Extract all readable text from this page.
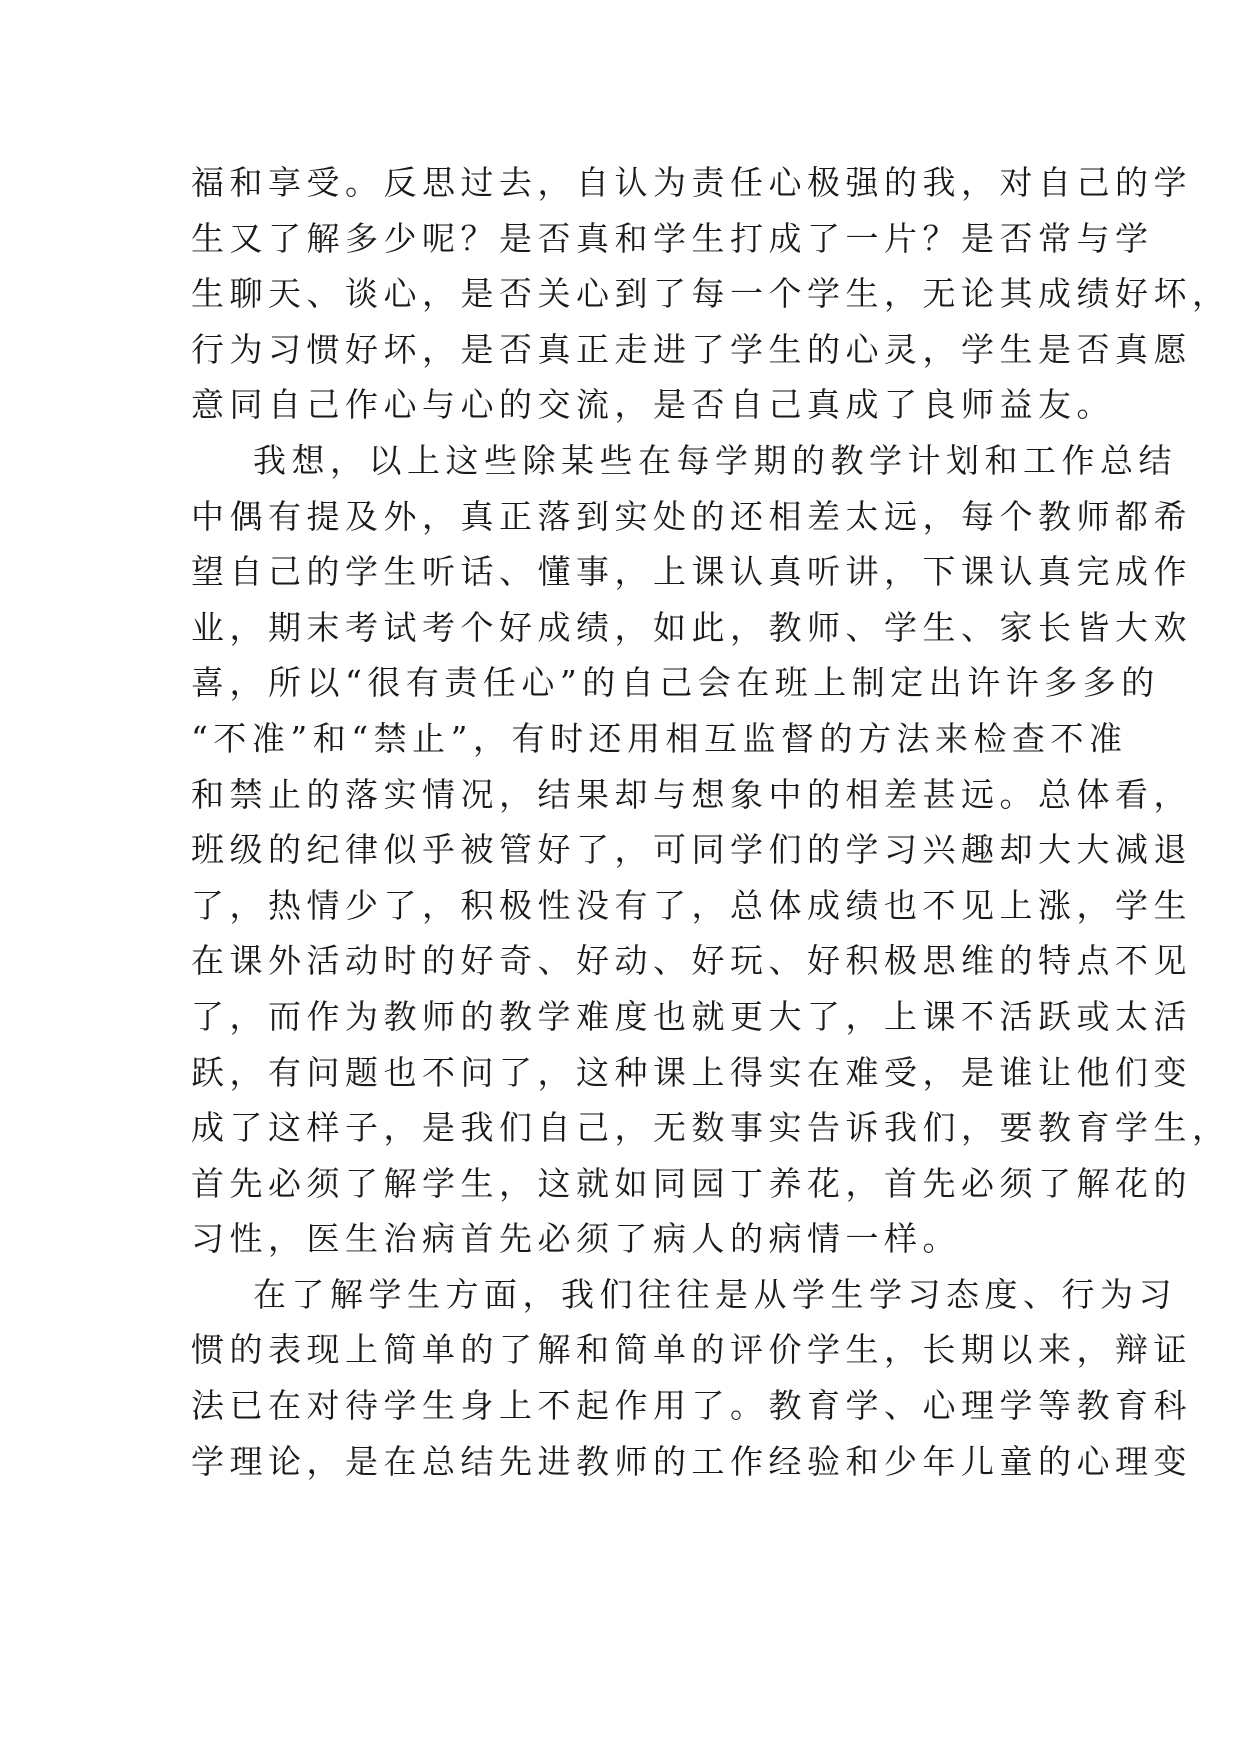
福和享受。反思过去，自认为责任心极强的我，对自己的学
生又了解多少呢？是否真和学生打成了一片？是否常与学
生聊天、谈心，是否关心到了每一个学生，无论其成绩好坏，
行为习惯好坏，是否真正走进了学生的心灵，学生是否真愿
意同自己作心与心的交流，是否自己真成了良师益友。
我想，以上这些除某些在每学期的教学计划和工作总结
中偶有提及外，真正落到实处的还相差太远，每个教师都希
望自己的学生听话、懂事，上课认真听讲，下课认真完成作
业，期末考试考个好成绩，如此，教师、学生、家长皆大欢
喜，所以“很有责任心”的自己会在班上制定出许许多多的
“不准”和“禁止”，有时还用相互监督的方法来检查不准
和禁止的落实情况，结果却与想象中的相差甚远。总体看，
班级的纪律似乎被管好了，可同学们的学习兴趣却大大减退
了，热情少了，积极性没有了，总体成绩也不见上涨，学生
在课外活动时的好奇、好动、好玩、好积极思维的特点不见
了，而作为教师的教学难度也就更大了，上课不活跃或太活
跃，有问题也不问了，这种课上得实在难受，是谁让他们变
成了这样子，是我们自己，无数事实告诉我们，要教育学生，
首先必须了解学生，这就如同园丁养花，首先必须了解花的
习性，医生治病首先必须了病人的病情一样。
在了解学生方面，我们往往是从学生学习态度、行为习
惯的表现上简单的了解和简单的评价学生，长期以来，辩证
法已在对待学生身上不起作用了。教育学、心理学等教育科
学理论，是在总结先进教师的工作经验和少年儿童的心理变
